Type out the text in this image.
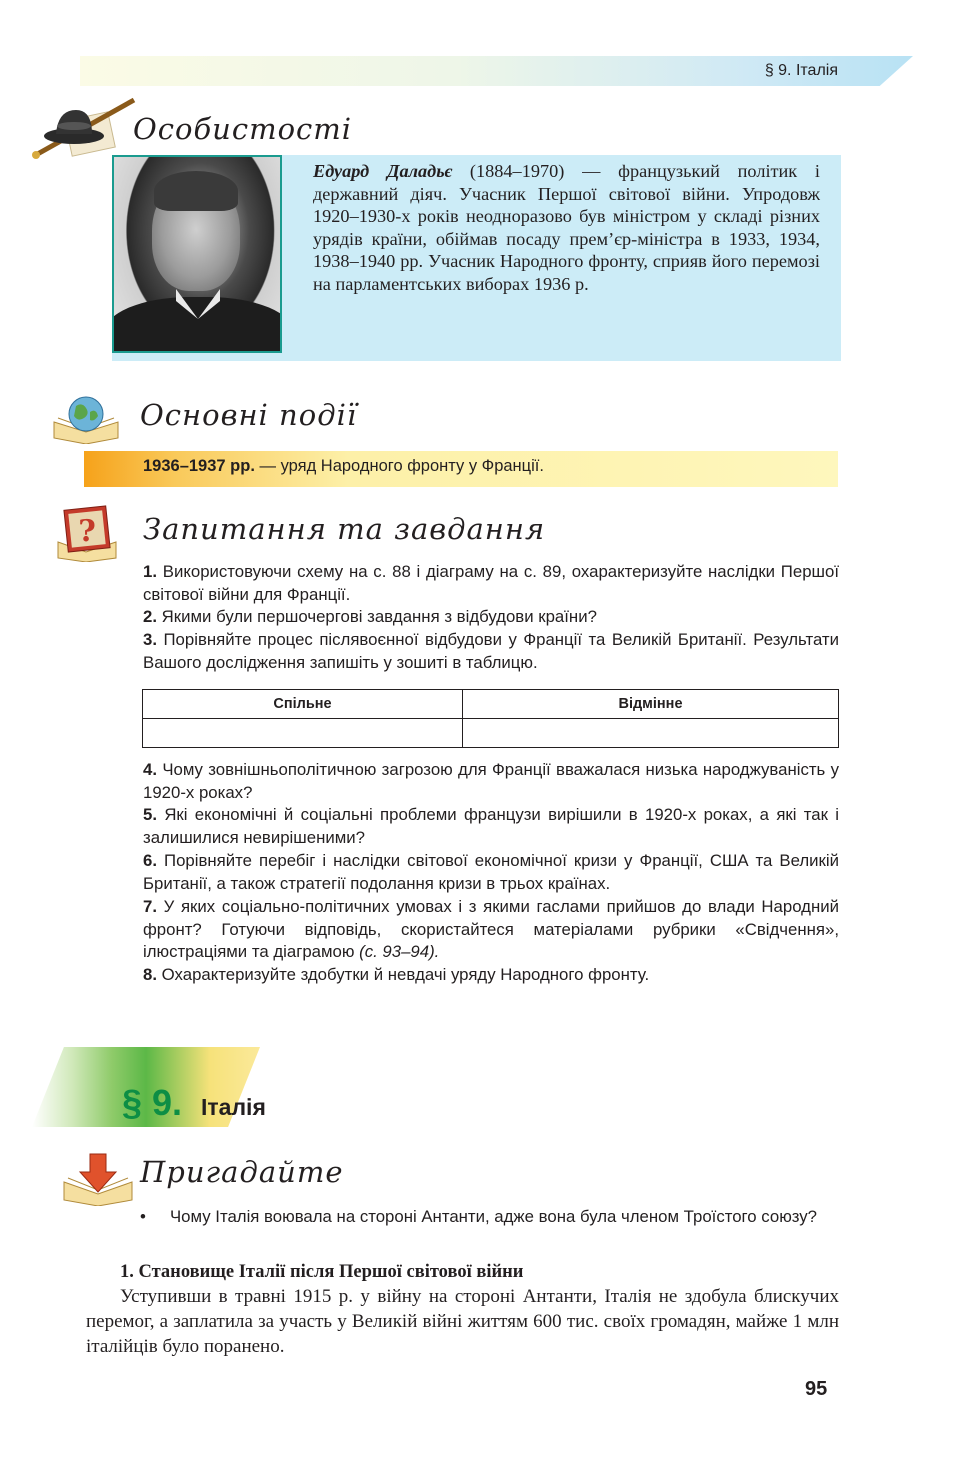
§ 9. Італія
Особистості
Едуард Даладьє (1884–1970) — французький політик і державний діяч. Учасник Першої світової війни. Упродовж 1920–1930-х років неодноразово був міністром у складі різних урядів країни, обіймав посаду прем’єр-міністра в 1933, 1934, 1938–1940 рр. Учасник Народного фронту, сприяв його перемозі на парламентських виборах 1936 р.
Основні події
1936–1937 рр. — уряд Народного фронту у Франції.
? Запитання та завдання
1. Використовуючи схему на с. 88 і діаграму на с. 89, охарактеризуйте наслідки Першої світової війни для Франції.
2. Якими були першочергові завдання з відбудови країни?
3. Порівняйте процес післявоєнної відбудови у Франції та Великій Британії. Результати Вашого дослідження запишіть у зошиті в таблицю.
Спільне	Відмінне

4. Чому зовнішньополітичною загрозою для Франції вважалася низька народжуваність у 1920-х роках?
5. Які економічні й соціальні проблеми французи вирішили в 1920-х роках, а які так і залишилися невирішеними?
6. Порівняйте перебіг і наслідки світової економічної кризи у Франції, США та Великій Британії, а також стратегії подолання кризи в трьох країнах.
7. У яких соціально-політичних умовах і з якими гаслами прийшов до влади Народний фронт? Готуючи відповідь, скористайтеся матеріалами рубрики «Свідчення», ілюстраціями та діаграмою (с. 93–94).
8. Охарактеризуйте здобутки й невдачі уряду Народного фронту.
§ 9. Італія
Пригадайте
• Чому Італія воювала на стороні Антанти, адже вона була членом Троїстого союзу?
1. Становище Італії після Першої світової війни
Уступивши в травні 1915 р. у війну на стороні Антанти, Італія не здобула блискучих перемог, а заплатила за участь у Великій війні життям 600 тис. своїх громадян, майже 1 млн італійців було поранено.
95
